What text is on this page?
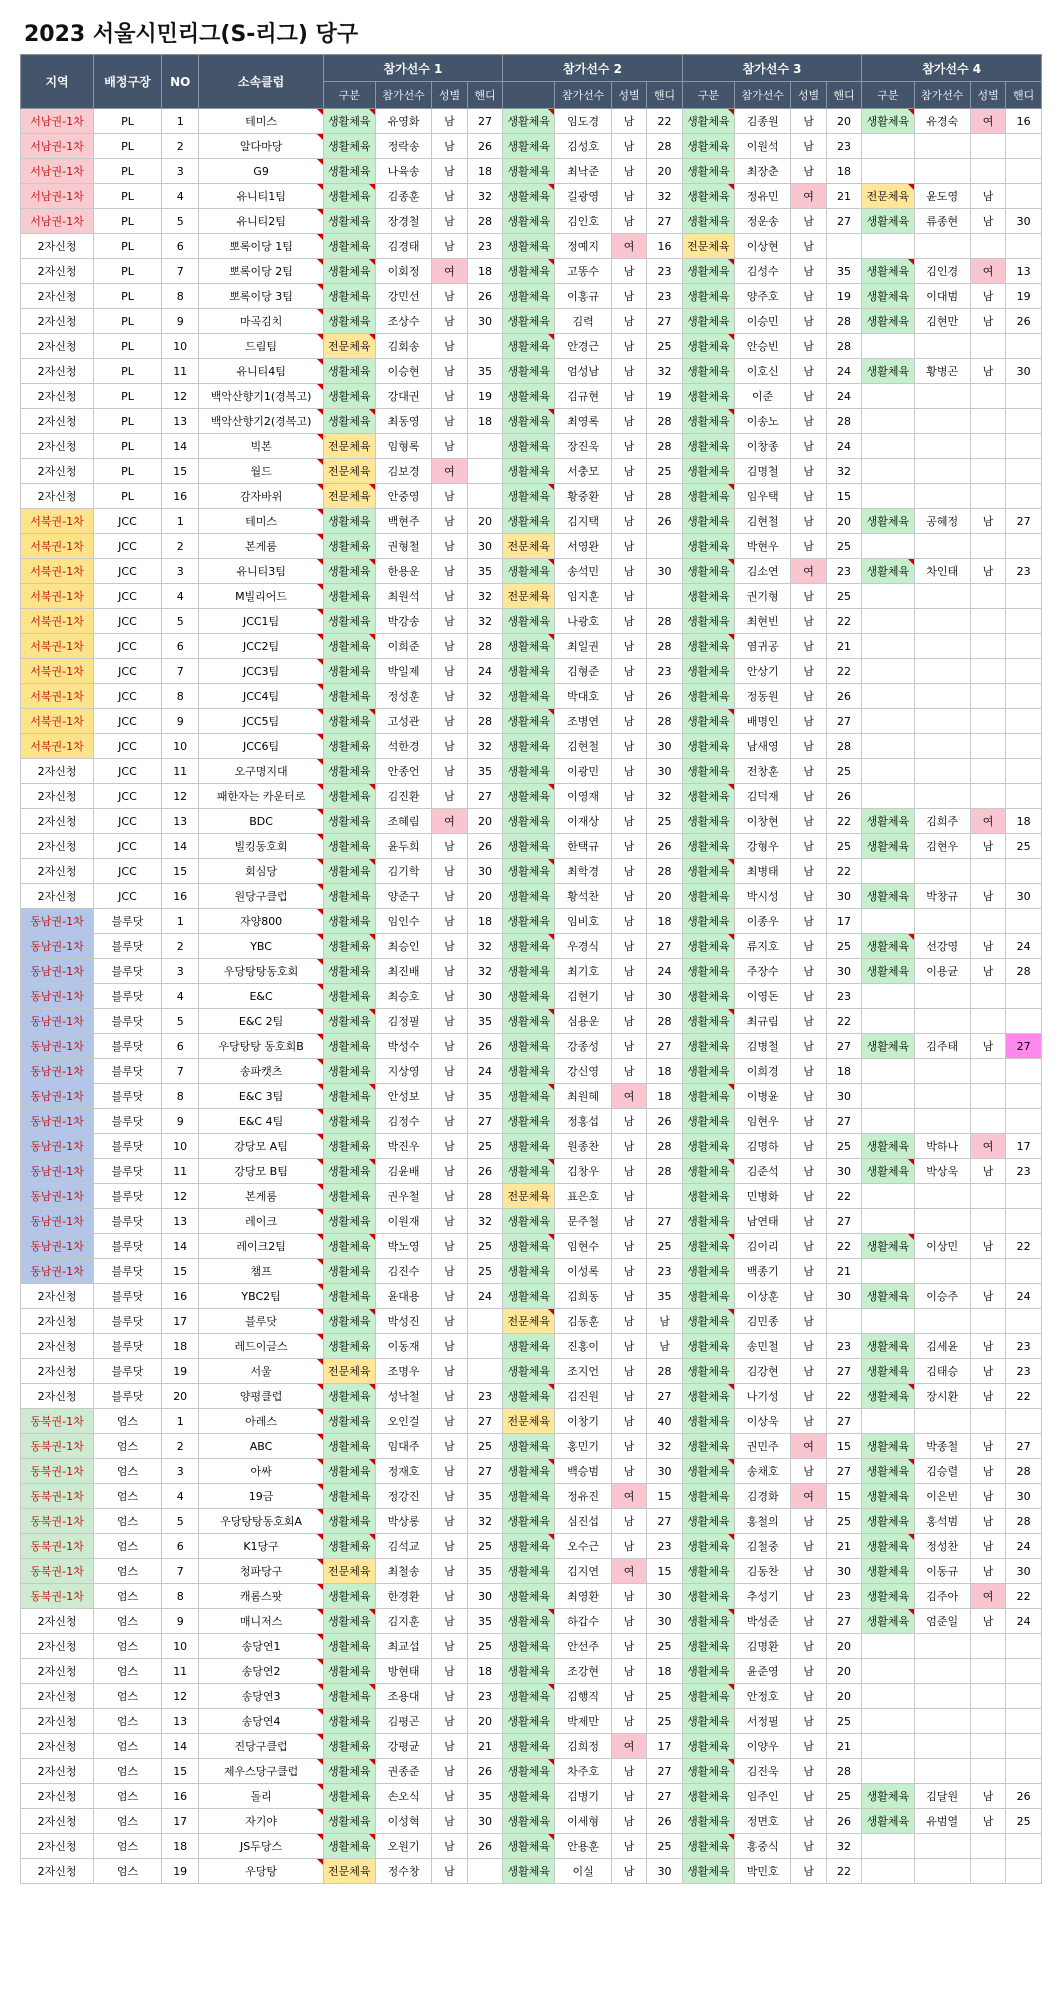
2023 서울시민리그(S-리그) 당구
지역	배정구장	NO	소속클럽	참가선수 1				참가선수 2				참가선수 3				참가선수 4			
				구분	참가선수	성별	핸디		참가선수	성별	핸디	구분	참가선수	성별	핸디	구분	참가선수	성별	핸디
서남권-1차	PL	1	테미스	생활체육	유영화	남	27	생활체육	임도경	남	22	생활체육	김종원	남	20	생활체육	유경숙	여	16
서남권-1차	PL	2	알다마당	생활체육	정락송	남	26	생활체육	김성호	남	28	생활체육	이원석	남	23				
서남권-1차	PL	3	G9	생활체육	나육송	남	18	생활체육	최낙준	남	20	생활체육	최장춘	남	18				
서남권-1차	PL	4	유니티1팀	생활체육	김종훈	남	32	생활체육	길광영	남	32	생활체육	정유민	여	21	전문체육	윤도영	남	
서남권-1차	PL	5	유니티2팀	생활체육	장경철	남	28	생활체육	김인호	남	27	생활체육	정운송	남	27	생활체육	류종현	남	30
2자신청	PL	6	뽀록이당 1팀	생활체육	김경태	남	23	생활체육	정예지	여	16	전문체육	이상현	남					
2자신청	PL	7	뽀록이당 2팀	생활체육	이회정	여	18	생활체육	고똥수	남	23	생활체육	김성수	남	35	생활체육	김인경	여	13
2자신청	PL	8	뽀록이당 3팀	생활체육	강민선	남	26	생활체육	이홍규	남	23	생활체육	양주호	남	19	생활체육	이대범	남	19
2자신청	PL	9	마곡김치	생활체육	조상수	남	30	생활체육	김력	남	27	생활체육	이승민	남	28	생활체육	김현만	남	26
2자신청	PL	10	드림팀	전문체육	김회송	남		생활체육	안경근	남	25	생활체육	안승빈	남	28				
2자신청	PL	11	유니티4팀	생활체육	이승현	남	35	생활체육	엄성남	남	32	생활체육	이호신	남	24	생활체육	황병곤	남	30
2자신청	PL	12	백악산향기1(경복고)	생활체육	강대권	남	19	생활체육	김규현	남	19	생활체육	이준	남	24				
2자신청	PL	13	백악산향기2(경복고)	생활체육	최동영	남	18	생활체육	최영록	남	28	생활체육	이송노	남	28				
2자신청	PL	14	빅본	전문체육	임형록	남		생활체육	장진욱	남	28	생활체육	이창종	남	24				
2자신청	PL	15	월드	전문체육	김보경	여		생활체육	서충모	남	25	생활체육	김명철	남	32				
2자신청	PL	16	감자바위	전문체육	안중영	남		생활체육	황중환	남	28	생활체육	임우택	남	15				
서북권-1차	JCC	1	테미스	생활체육	백현주	남	20	생활체육	김지택	남	26	생활체육	김현철	남	20	생활체육	공혜정	남	27
서북권-1차	JCC	2	본게룸	생활체육	권형철	남	30	전문체육	서영완	남		생활체육	박현우	남	25				
서북권-1차	JCC	3	유니티3팀	생활체육	한용운	남	35	생활체육	송석민	남	30	생활체육	김소연	여	23	생활체육	차인태	남	23
서북권-1차	JCC	4	M빌리어드	생활체육	최원석	남	32	전문체육	임지훈	남		생활체육	권기형	남	25				
서북권-1차	JCC	5	JCC1팀	생활체육	박강송	남	32	생활체육	나광호	남	28	생활체육	최현빈	남	22				
서북권-1차	JCC	6	JCC2팀	생활체육	이희준	남	28	생활체육	최일권	남	28	생활체육	염귀공	남	21				
서북권-1차	JCC	7	JCC3팀	생활체육	박일제	남	24	생활체육	김형준	남	23	생활체육	안상기	남	22				
서북권-1차	JCC	8	JCC4팀	생활체육	정성훈	남	32	생활체육	박대호	남	26	생활체육	정동원	남	26				
서북권-1차	JCC	9	JCC5팀	생활체육	고성관	남	28	생활체육	조병연	남	28	생활체육	배명인	남	27				
서북권-1차	JCC	10	JCC6팀	생활체육	석한경	남	32	생활체육	김현철	남	30	생활체육	남새영	남	28				
2자신청	JCC	11	오구명지대	생활체육	안종언	남	35	생활체육	이광민	남	30	생활체육	전창훈	남	25				
2자신청	JCC	12	패한자는 카운터로	생활체육	김진환	남	27	생활체육	이영재	남	32	생활체육	김덕재	남	26				
2자신청	JCC	13	BDC	생활체육	조혜림	여	20	생활체육	이재상	남	25	생활체육	이창현	남	22	생활체육	김희주	여	18
2자신청	JCC	14	빌킹동호회	생활체육	윤두희	남	26	생활체육	한택규	남	26	생활체육	강형우	남	25	생활체육	김현우	남	25
2자신청	JCC	15	회심당	생활체육	김기학	남	30	생활체육	최학경	남	28	생활체육	최병태	남	22				
2자신청	JCC	16	원당구클럽	생활체육	양준구	남	20	생활체육	황석찬	남	20	생활체육	박시성	남	30	생활체육	박창규	남	30
동남권-1차	블루닷	1	자양800	생활체육	임인수	남	18	생활체육	임비호	남	18	생활체육	이종우	남	17				
동남권-1차	블루닷	2	YBC	생활체육	최승인	남	32	생활체육	우경식	남	27	생활체육	류지호	남	25	생활체육	선강영	남	24
동남권-1차	블루닷	3	우당탕탕동호회	생활체육	최진배	남	32	생활체육	최기호	남	24	생활체육	주장수	남	30	생활체육	이용균	남	28
동남권-1차	블루닷	4	E&C	생활체육	최승호	남	30	생활체육	김현기	남	30	생활체육	이영돈	남	23				
동남권-1차	블루닷	5	E&C 2팀	생활체육	김정필	남	35	생활체육	심용운	남	28	생활체육	최규림	남	22				
동남권-1차	블루닷	6	우당탕탕 동호회B	생활체육	박성수	남	26	생활체육	강종성	남	27	생활체육	김병철	남	27	생활체육	김주태	남	27
동남권-1차	블루닷	7	송파캣츠	생활체육	지상영	남	24	생활체육	강신영	남	18	생활체육	이희경	남	18				
동남권-1차	블루닷	8	E&C 3팀	생활체육	안성보	남	35	생활체육	최원혜	여	18	생활체육	이병윤	남	30				
동남권-1차	블루닷	9	E&C 4팀	생활체육	김정수	남	27	생활체육	정홍섭	남	26	생활체육	임현우	남	27				
동남권-1차	블루닷	10	강당모 A팀	생활체육	박진우	남	25	생활체육	원종찬	남	28	생활체육	김명하	남	25	생활체육	박하나	여	17
동남권-1차	블루닷	11	강당모 B팀	생활체육	김윤배	남	26	생활체육	김창우	남	28	생활체육	김준석	남	30	생활체육	박상욱	남	23
동남권-1차	블루닷	12	본게룸	생활체육	권우철	남	28	전문체육	표은호	남		생활체육	민병화	남	22				
동남권-1차	블루닷	13	레이크	생활체육	이원재	남	32	생활체육	문주철	남	27	생활체육	남연태	남	27				
동남권-1차	블루닷	14	레이크2팀	생활체육	박노영	남	25	생활체육	임현수	남	25	생활체육	김이리	남	22	생활체육	이상민	남	22
동남권-1차	블루닷	15	챔프	생활체육	김진수	남	25	생활체육	이성록	남	23	생활체육	백종기	남	21				
2자신청	블루닷	16	YBC2팀	생활체육	윤대용	남	24	생활체육	김희동	남	35	생활체육	이상훈	남	30	생활체육	이승주	남	24
2자신청	블루닷	17	블루닷	생활체육	박성진	남		전문체육	김동훈	남	남	생활체육	김민종	남					
2자신청	블루닷	18	레드이글스	생활체육	이동재	남		생활체육	진홍이	남	남	생활체육	송민철	남	23	생활체육	김세윤	남	23
2자신청	블루닷	19	서울	전문체육	조명우	남		생활체육	조지언	남	28	생활체육	김강현	남	27	생활체육	김태승	남	23
2자신청	블루닷	20	양평클럽	생활체육	성낙철	남	23	생활체육	김진원	남	27	생활체육	나기성	남	22	생활체육	장시환	남	22
동북권-1차	엄스	1	아레스	생활체육	오인걸	남	27	전문체육	이창기	남	40	생활체육	이상욱	남	27				
동북권-1차	엄스	2	ABC	생활체육	임대주	남	25	생활체육	홍민기	남	32	생활체육	권민주	여	15	생활체육	박종철	남	27
동북권-1차	엄스	3	아싸	생활체육	정재호	남	27	생활체육	백승범	남	30	생활체육	송채호	남	27	생활체육	김승렬	남	28
동북권-1차	엄스	4	19금	생활체육	정강진	남	35	생활체육	정유진	여	15	생활체육	김경화	여	15	생활체육	이은빈	남	30
동북권-1차	엄스	5	우당탕탕동호회A	생활체육	박상롱	남	32	생활체육	심진섭	남	27	생활체육	홍철의	남	25	생활체육	홍석범	남	28
동북권-1차	엄스	6	K1당구	생활체육	김석교	남	25	생활체육	오수근	남	23	생활체육	김철중	남	21	생활체육	정성찬	남	24
동북권-1차	엄스	7	청파당구	전문체육	최철송	남	35	생활체육	김지연	여	15	생활체육	김동찬	남	30	생활체육	이동규	남	30
동북권-1차	엄스	8	캐롬스팟	생활체육	한경환	남	30	생활체육	최영환	남	30	생활체육	추성기	남	23	생활체육	김주아	여	22
2자신청	엄스	9	매니저스	생활체육	김지훈	남	35	생활체육	하갑수	남	30	생활체육	박성준	남	27	생활체육	엄준일	남	24
2자신청	엄스	10	송당연1	생활체육	최교섭	남	25	생활체육	안선주	남	25	생활체육	김명환	남	20				
2자신청	엄스	11	송당연2	생활체육	방현태	남	18	생활체육	조강현	남	18	생활체육	윤준영	남	20				
2자신청	엄스	12	송당연3	생활체육	조용대	남	23	생활체육	김행직	남	25	생활체육	안정호	남	20				
2자신청	엄스	13	송당연4	생활체육	김평곤	남	20	생활체육	박제만	남	25	생활체육	서정필	남	25				
2자신청	엄스	14	진당구클럽	생활체육	강평균	남	21	생활체육	김희정	여	17	생활체육	이양우	남	21				
2자신청	엄스	15	제우스당구클럽	생활체육	권종준	남	26	생활체육	차주호	남	27	생활체육	김진욱	남	28				
2자신청	엄스	16	돌리	생활체육	손오식	남	35	생활체육	김병기	남	27	생활체육	임주인	남	25	생활체육	김달원	남	26
2자신청	엄스	17	자기야	생활체육	이성혁	남	30	생활체육	이세형	남	26	생활체육	정면호	남	26	생활체육	유범열	남	25
2자신청	엄스	18	JS두당스	생활체육	오원기	남	26	생활체육	안용훈	남	25	생활체육	홍중식	남	32				
2자신청	엄스	19	우당탕	전문체육	정수창	남		생활체육	이실	남	30	생활체육	박민호	남	22				
